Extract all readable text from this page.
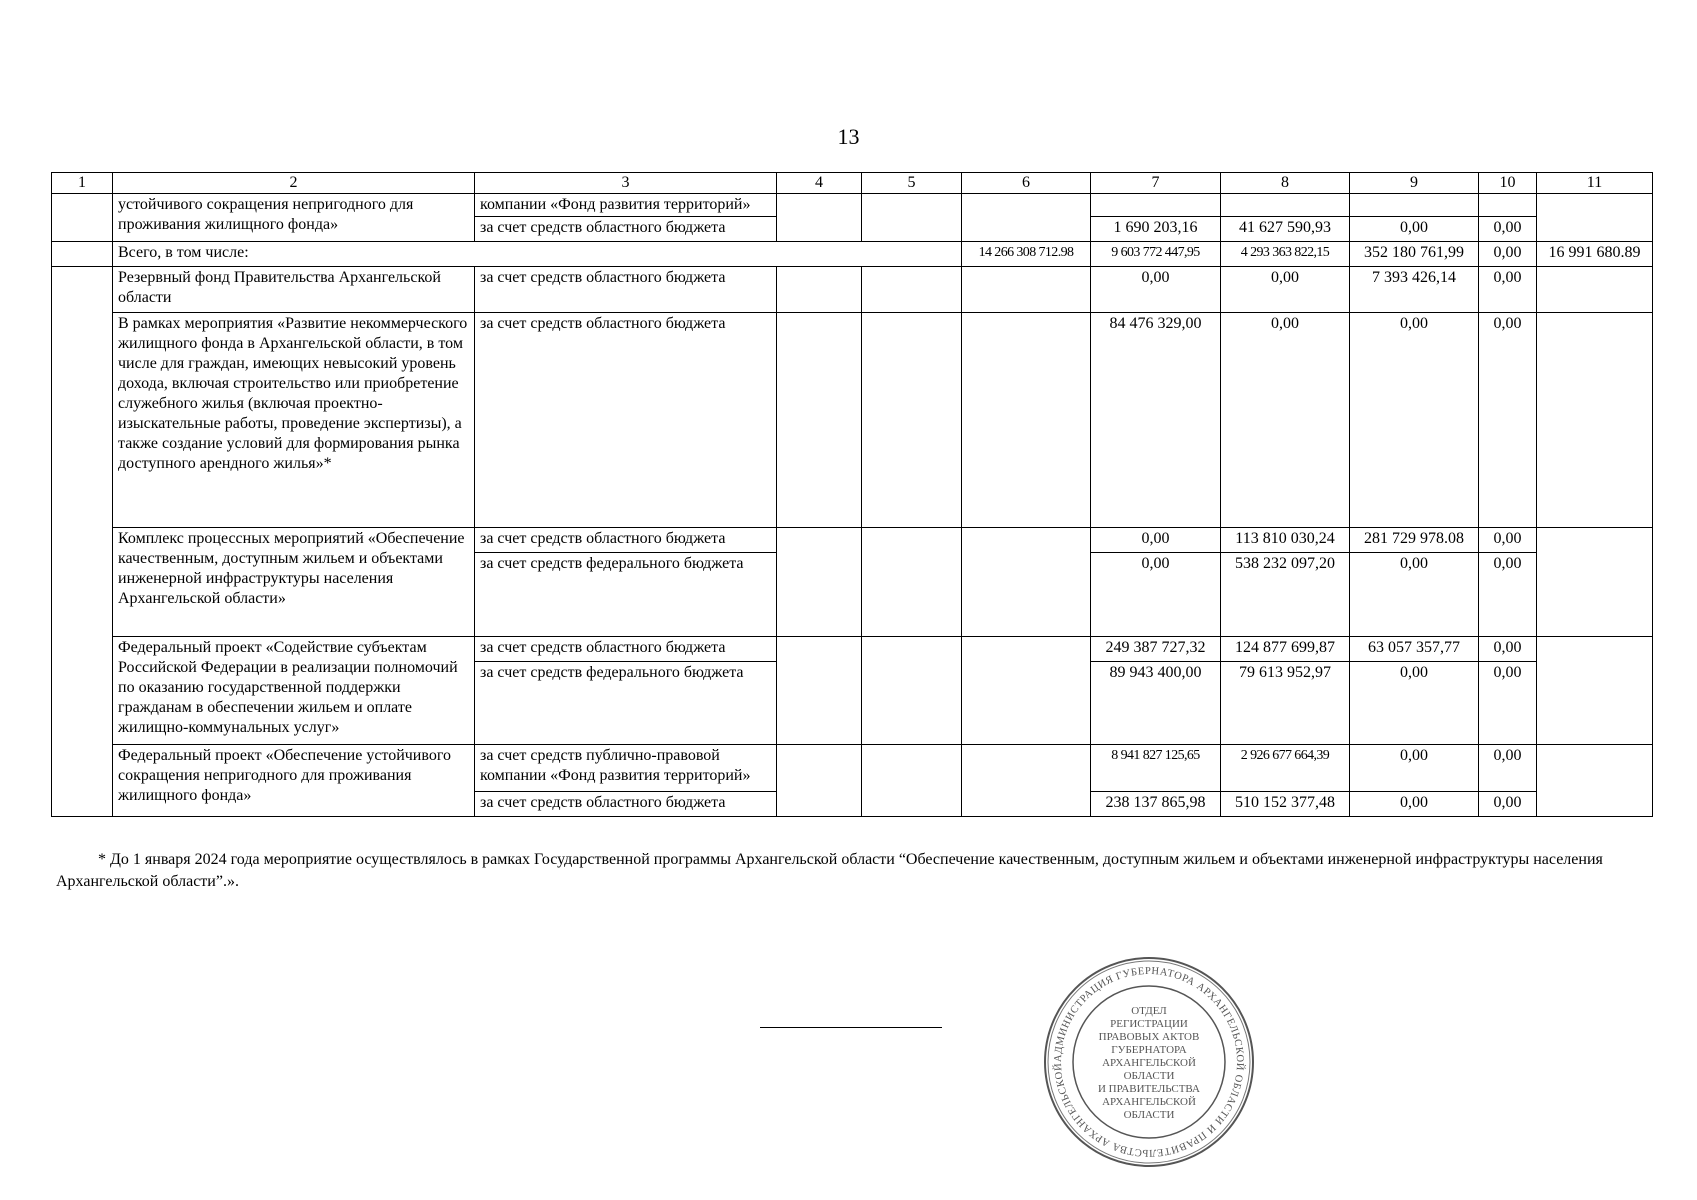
13
1	2	3	4	5	6	7	8	9	10	11
	устойчивого сокращения непригодного для проживания жилищного фонда»	компании «Фонд развития территорий»								
		за счет средств областного бюджета				1 690 203,16	41 627 590,93	0,00	0,00	
	Всего, в том числе:				14 266 308 712.98	9 603 772 447,95	4 293 363 822,15	352 180 761,99	0,00	16 991 680.89
	Резервный фонд Правительства Архангельской области	за счет средств областного бюджета				0,00	0,00	7 393 426,14	0,00	
	В рамках мероприятия «Развитие некоммерческого жилищного фонда в Архангельской области, в том числе для граждан, имеющих невысокий уровень дохода, включая строительство или приобретение служебного жилья (включая проектно-изыскательные работы, проведение экспертизы), а также создание условий для формирования рынка доступного арендного жилья»*	за счет средств областного бюджета				84 476 329,00	0,00	0,00	0,00	
	Комплекс процессных мероприятий «Обеспечение качественным, доступным жильем и объектами инженерной инфраструктуры населения Архангельской области»	за счет средств областного бюджета				0,00	113 810 030,24	281 729 978.08	0,00	
		за счет средств федерального бюджета				0,00	538 232 097,20	0,00	0,00	
	Федеральный проект «Содействие субъектам Российской Федерации в реализации полномочий по оказанию государственной поддержки гражданам в обеспечении жильем и оплате жилищно-коммунальных услуг»	за счет средств областного бюджета				249 387 727,32	124 877 699,87	63 057 357,77	0,00	
		за счет средств федерального бюджета				89 943 400,00	79 613 952,97	0,00	0,00	
	Федеральный проект «Обеспечение устойчивого сокращения непригодного для проживания жилищного фонда»	за счет средств публично-правовой компании «Фонд развития территорий»				8 941 827 125,65	2 926 677 664,39	0,00	0,00	
		за счет средств областного бюджета				238 137 865,98	510 152 377,48	0,00	0,00	
* До 1 января 2024 года мероприятие осуществлялось в рамках Государственной программы Архангельской области “Обеспечение качественным, доступным жильем и объектами инженерной инфраструктуры населения Архангельской области”.».
АДМИНИСТРАЦИЯ ГУБЕРНАТОРА АРХАНГЕЛЬСКОЙ ОБЛАСТИ И ПРАВИТЕЛЬСТВА АРХАНГЕЛЬСКОЙ
ОТДЕЛ
РЕГИСТРАЦИИ
ПРАВОВЫХ АКТОВ
ГУБЕРНАТОРА
АРХАНГЕЛЬСКОЙ
ОБЛАСТИ
И ПРАВИТЕЛЬСТВА
АРХАНГЕЛЬСКОЙ
ОБЛАСТИ
